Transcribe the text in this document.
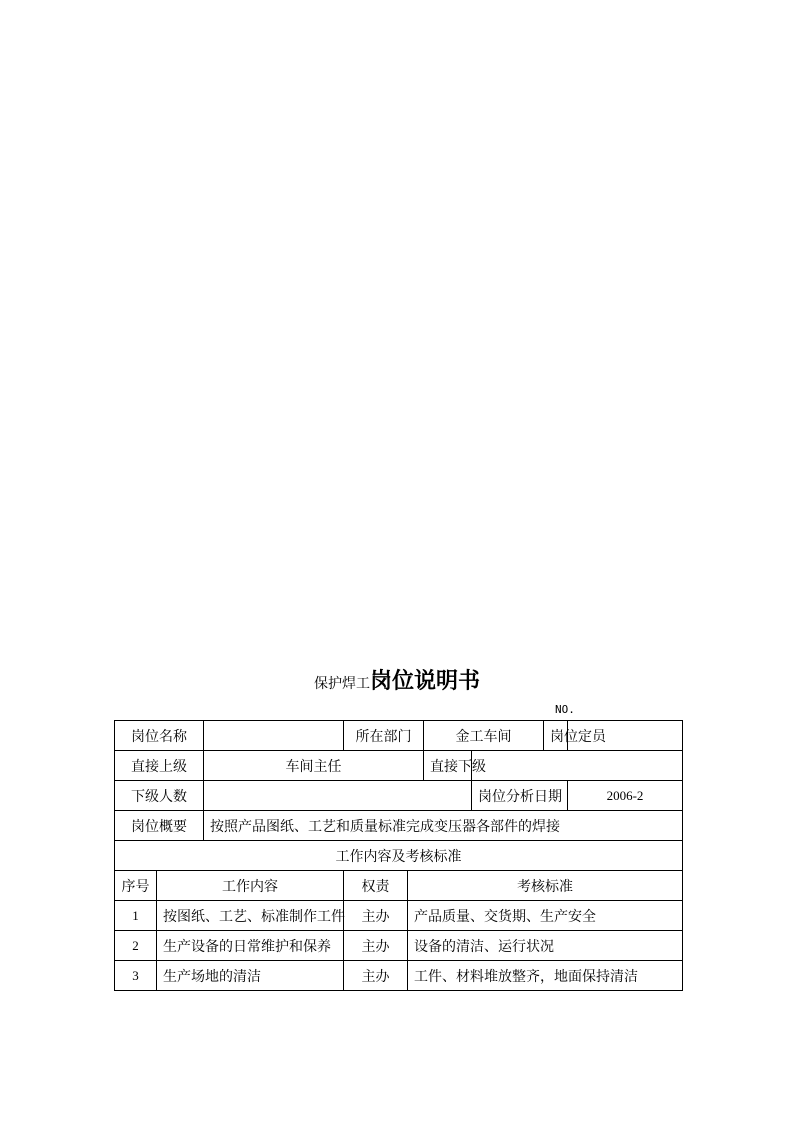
保护焊工岗位说明书
NO.
岗位名称			所在部门		金工车间		岗位定员	
直接上级		车间主任			直接下级			
下级人数						岗位分析日期		2006-2
岗位概要		按照产品图纸、工艺和质量标准完成变压器各部件的焊接						
工作内容及考核标准								
序号	工作内容		权责	考核标准				
1	按图纸、工艺、标准制作工件		主办	产品质量、交货期、生产安全				
2	生产设备的日常维护和保养		主办	设备的清洁、运行状况				
3	生产场地的清洁		主办	工件、材料堆放整齐，地面保持清洁				
